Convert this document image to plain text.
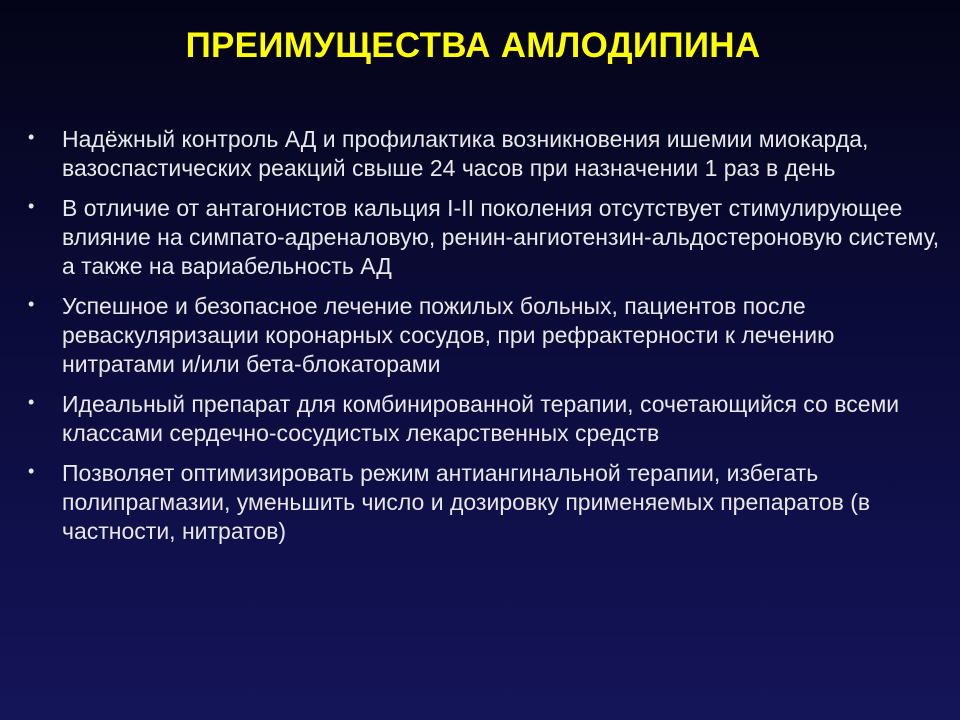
ПРЕИМУЩЕСТВА АМЛОДИПИНА
• Надёжный контроль АД и профилактика возникновения ишемии миокарда, вазоспастических реакций свыше 24 часов при назначении 1 раз в день
• В отличие от антагонистов кальция I-II поколения отсутствует стимулирующее влияние на симпато-адреналовую, ренин-ангиотензин-альдостероновую систему, а также на вариабельность АД
• Успешное и безопасное лечение пожилых больных, пациентов после реваскуляризации коронарных сосудов, при рефрактерности к лечению нитратами и/или бета-блокаторами
• Идеальный препарат для комбинированной терапии, сочетающийся со всеми классами сердечно-сосудистых лекарственных средств
• Позволяет оптимизировать режим антиангинальной терапии, избегать полипрагмазии, уменьшить число и дозировку применяемых препаратов (в частности, нитратов)
